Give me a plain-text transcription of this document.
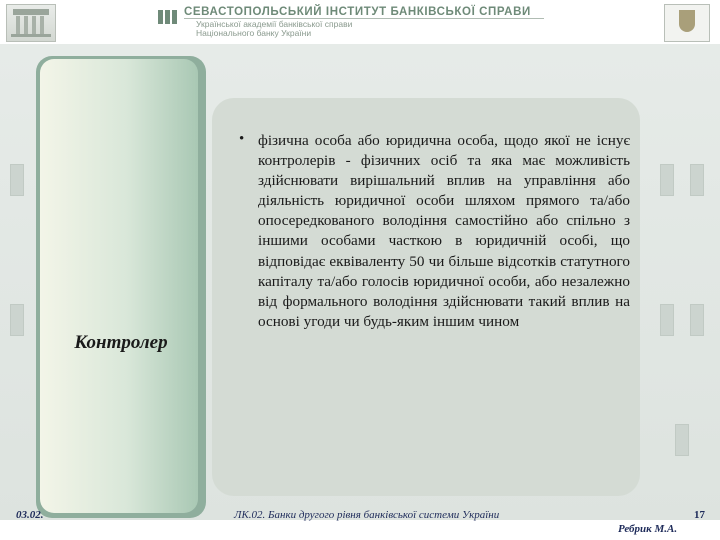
СЕВАСТОПОЛЬСЬКИЙ ІНСТИТУТ БАНКІВСЬКОЇ СПРАВИ
Української академії банківської справи
Національного банку України
Контролер
• фізична особа або юридична особа, щодо якої не існує контролерів - фізичних осіб та яка має можливість здійснювати вирішальний вплив на управління або діяльність юридичної особи шляхом прямого та/або опосередкованого володіння самостійно або спільно з іншими особами часткою в юридичній особі, що відповідає еквіваленту 50 чи більше відсотків статутного капіталу та/або голосів юридичної особи, або незалежно від формального володіння здійснювати такий вплив на основі угоди чи будь-яким іншим чином
03.02.	ЛК.02. Банки другого рівня банківської системи України	17
Ребрик М.А.
